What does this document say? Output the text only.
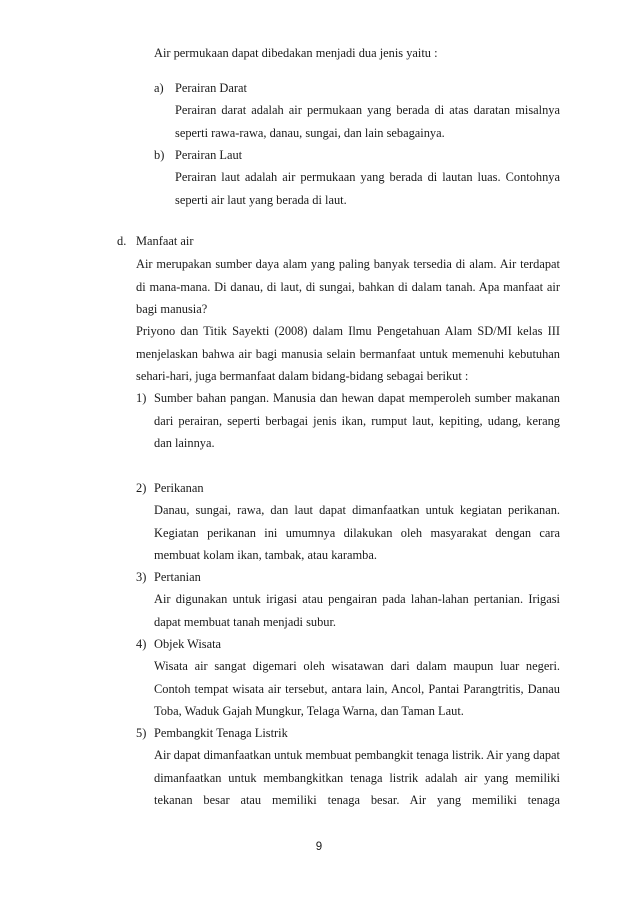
Air permukaan dapat dibedakan menjadi dua jenis yaitu :
a) Perairan Darat
Perairan darat adalah air permukaan yang berada di atas daratan misalnya seperti rawa-rawa, danau, sungai, dan lain sebagainya.
b) Perairan Laut
Perairan laut adalah air permukaan yang berada di lautan luas. Contohnya seperti air laut yang berada di laut.
d. Manfaat air
Air merupakan sumber daya alam yang paling banyak tersedia di alam. Air terdapat di mana-mana. Di danau, di laut, di sungai, bahkan di dalam tanah. Apa manfaat air bagi manusia?
Priyono dan Titik Sayekti (2008) dalam Ilmu Pengetahuan Alam SD/MI kelas III menjelaskan bahwa air bagi manusia selain bermanfaat untuk memenuhi kebutuhan sehari-hari, juga bermanfaat dalam bidang-bidang sebagai berikut :
1) Sumber bahan pangan. Manusia dan hewan dapat memperoleh sumber makanan dari perairan, seperti berbagai jenis ikan, rumput laut, kepiting, udang, kerang dan lainnya.
2) Perikanan
Danau, sungai, rawa, dan laut dapat dimanfaatkan untuk kegiatan perikanan. Kegiatan perikanan ini umumnya dilakukan oleh masyarakat dengan cara membuat kolam ikan, tambak, atau karamba.
3) Pertanian
Air digunakan untuk irigasi atau pengairan pada lahan-lahan pertanian. Irigasi dapat membuat tanah menjadi subur.
4) Objek Wisata
Wisata air sangat digemari oleh wisatawan dari dalam maupun luar negeri. Contoh tempat wisata air tersebut, antara lain, Ancol, Pantai Parangtritis, Danau Toba, Waduk Gajah Mungkur, Telaga Warna, dan Taman Laut.
5) Pembangkit Tenaga Listrik
Air dapat dimanfaatkan untuk membuat pembangkit tenaga listrik. Air yang dapat dimanfaatkan untuk membangkitkan tenaga listrik adalah air yang memiliki tekanan besar atau memiliki tenaga besar. Air yang memiliki tenaga
9
